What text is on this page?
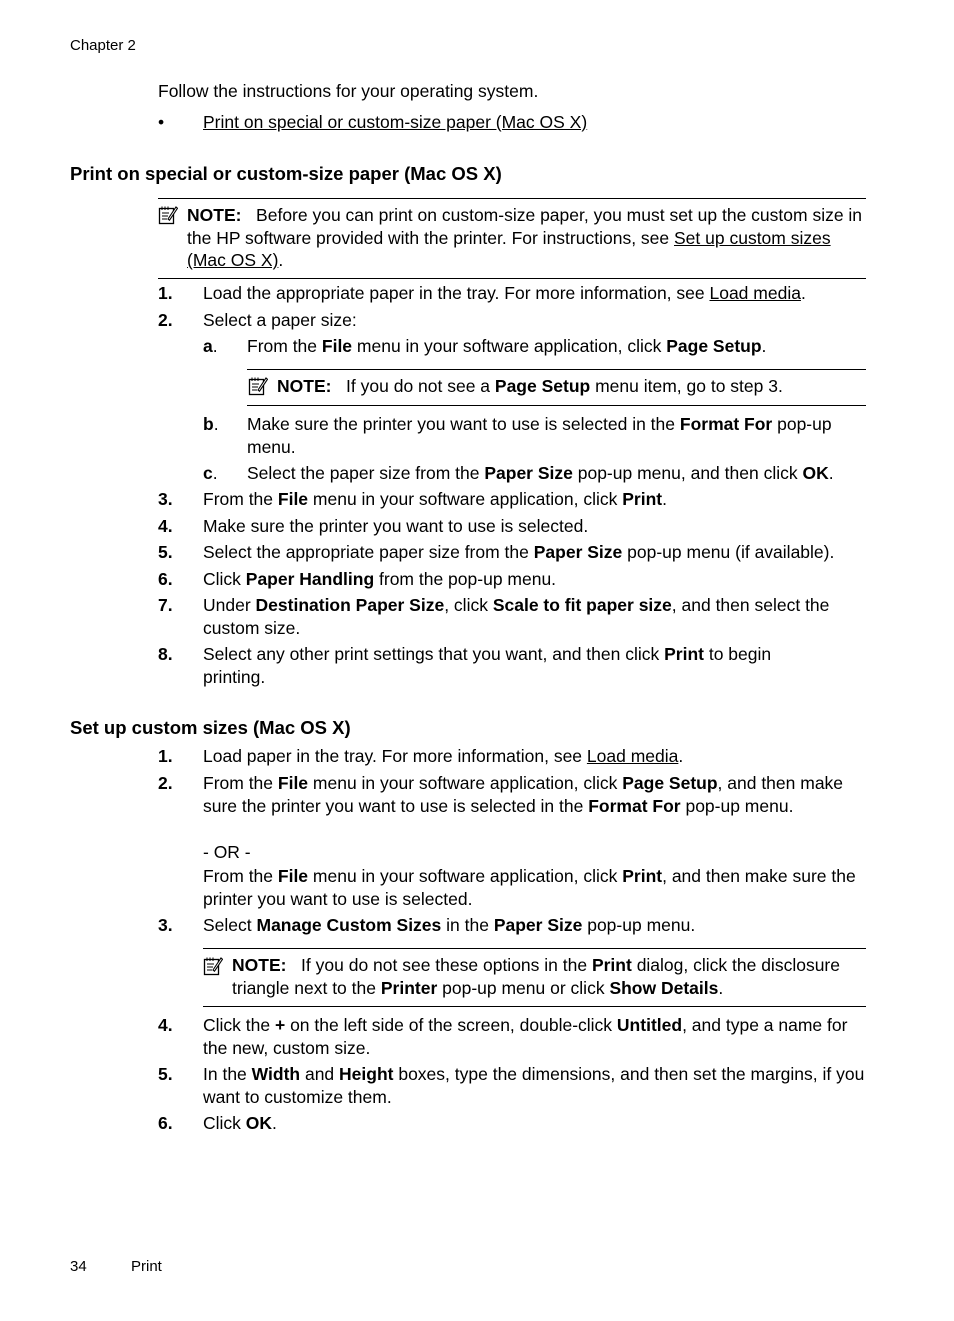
Chapter 2
Follow the instructions for your operating system.
• Print on special or custom-size paper (Mac OS X)
Print on special or custom-size paper (Mac OS X)
NOTE: Before you can print on custom-size paper, you must set up the custom size in the HP software provided with the printer. For instructions, see Set up custom sizes (Mac OS X).
1. Load the appropriate paper in the tray. For more information, see Load media.
2. Select a paper size:
a. From the File menu in your software application, click Page Setup.
NOTE: If you do not see a Page Setup menu item, go to step 3.
b. Make sure the printer you want to use is selected in the Format For pop-up menu.
c. Select the paper size from the Paper Size pop-up menu, and then click OK.
3. From the File menu in your software application, click Print.
4. Make sure the printer you want to use is selected.
5. Select the appropriate paper size from the Paper Size pop-up menu (if available).
6. Click Paper Handling from the pop-up menu.
7. Under Destination Paper Size, click Scale to fit paper size, and then select the custom size.
8. Select any other print settings that you want, and then click Print to begin printing.
Set up custom sizes (Mac OS X)
1. Load paper in the tray. For more information, see Load media.
2. From the File menu in your software application, click Page Setup, and then make sure the printer you want to use is selected in the Format For pop-up menu.
- OR -
From the File menu in your software application, click Print, and then make sure the printer you want to use is selected.
3. Select Manage Custom Sizes in the Paper Size pop-up menu.
NOTE: If you do not see these options in the Print dialog, click the disclosure triangle next to the Printer pop-up menu or click Show Details.
4. Click the + on the left side of the screen, double-click Untitled, and type a name for the new, custom size.
5. In the Width and Height boxes, type the dimensions, and then set the margins, if you want to customize them.
6. Click OK.
34	Print
